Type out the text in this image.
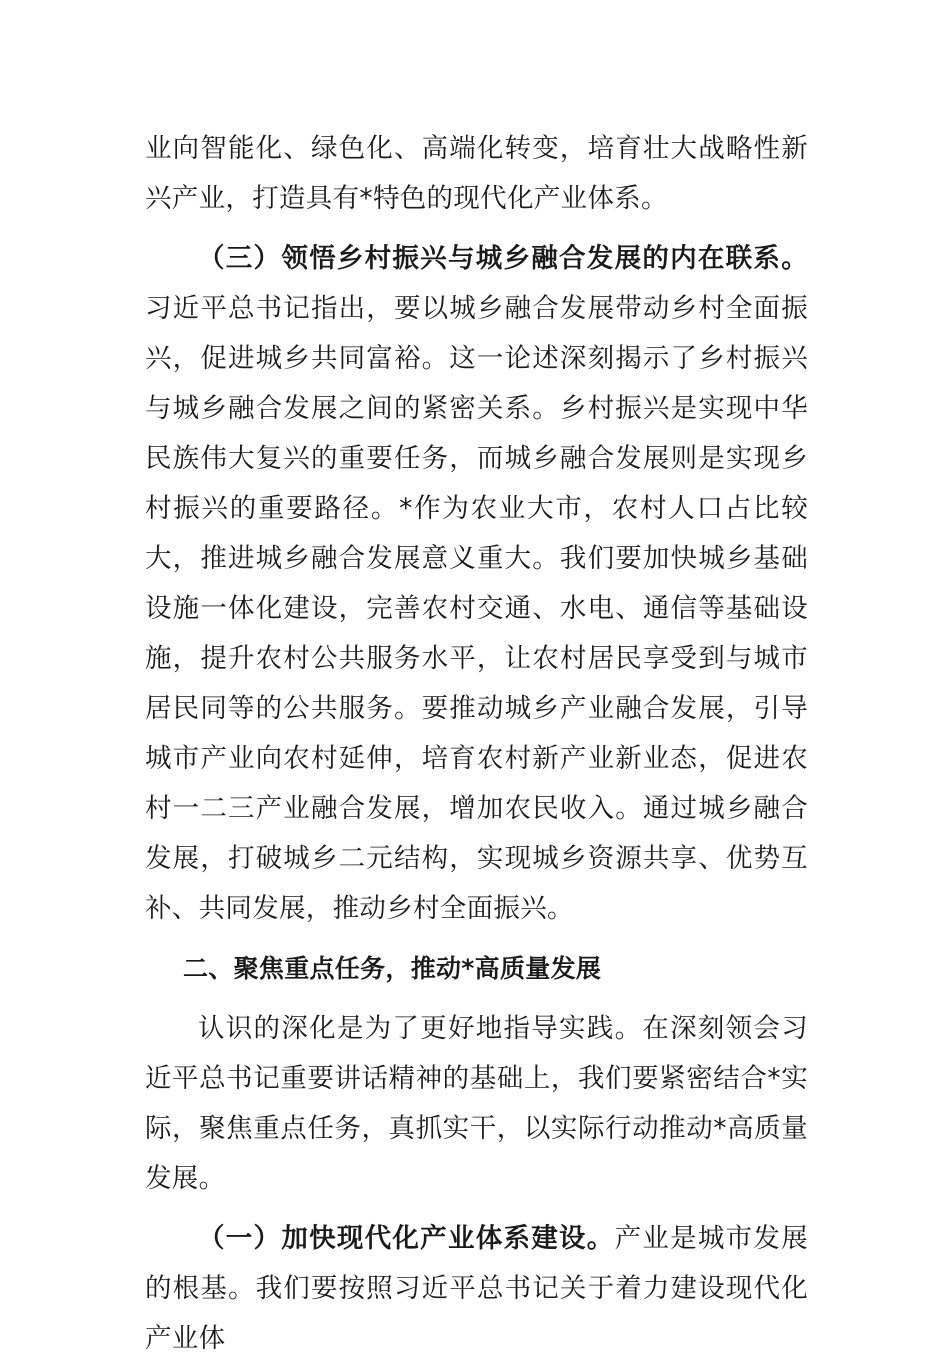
业向智能化、绿色化、高端化转变，培育壮大战略性新兴产业，打造具有*特色的现代化产业体系。

（三）领悟乡村振兴与城乡融合发展的内在联系。习近平总书记指出，要以城乡融合发展带动乡村全面振兴，促进城乡共同富裕。这一论述深刻揭示了乡村振兴与城乡融合发展之间的紧密关系。乡村振兴是实现中华民族伟大复兴的重要任务，而城乡融合发展则是实现乡村振兴的重要路径。*作为农业大市，农村人口占比较大，推进城乡融合发展意义重大。我们要加快城乡基础设施一体化建设，完善农村交通、水电、通信等基础设施，提升农村公共服务水平，让农村居民享受到与城市居民同等的公共服务。要推动城乡产业融合发展，引导城市产业向农村延伸，培育农村新产业新业态，促进农村一二三产业融合发展，增加农民收入。通过城乡融合发展，打破城乡二元结构，实现城乡资源共享、优势互补、共同发展，推动乡村全面振兴。

二、聚焦重点任务，推动*高质量发展

认识的深化是为了更好地指导实践。在深刻领会习近平总书记重要讲话精神的基础上，我们要紧密结合*实际，聚焦重点任务，真抓实干，以实际行动推动*高质量发展。

（一）加快现代化产业体系建设。产业是城市发展的根基。我们要按照习近平总书记关于着力建设现代化产业体
